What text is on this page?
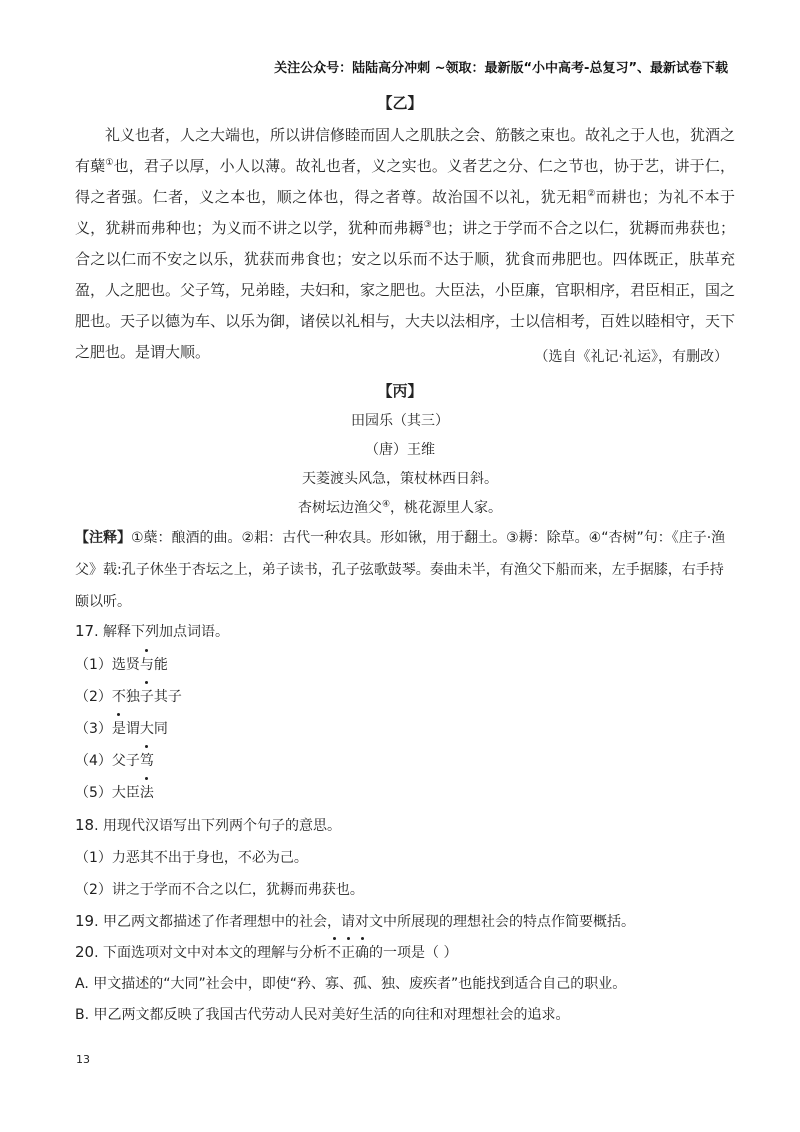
关注公众号：陆陆高分冲刺 ~领取：最新版“小中高考-总复习”、最新试卷下载
【乙】

礼义也者，人之大端也，所以讲信修睦而固人之肌肤之会、筋骸之束也。故礼之于人也，犹酒之有蘖①也，君子以厚，小人以薄。故礼也者，义之实也。义者艺之分、仁之节也，协于艺，讲于仁，得之者强。仁者，义之本也，顺之体也，得之者尊。故治国不以礼，犹无耜②而耕也；为礼不本于义，犹耕而弗种也；为义而不讲之以学，犹种而弗耨③也；讲之于学而不合之以仁，犹耨而弗获也；合之以仁而不安之以乐，犹获而弗食也；安之以乐而不达于顺，犹食而弗肥也。四体既正，肤革充盈，人之肥也。父子笃，兄弟睦，夫妇和，家之肥也。大臣法，小臣廉，官职相序，君臣相正，国之肥也。天子以德为车、以乐为御，诸侯以礼相与，大夫以法相序，士以信相考，百姓以睦相守，天下之肥也。是谓大顺。	（选自《礼记·礼运》，有删改）
【丙】
田园乐（其三）
（唐）王维
天菱渡头风急，策杖林西日斜。
杏树坛边渔父④，桃花源里人家。

【注释】①蘖：酿酒的曲。②耜：古代一种农具。形如锹，用于翻土。③耨：除草。④“杏树”句：《庄子·渔父》载:孔子休坐于杏坛之上，弟子读书，孔子弦歌鼓琴。奏曲未半，有渔父下船而来，左手据膝，右手持颐以听。

17. 解释下列加点词语。
（1）选贤与能
（2）不独子其子
（3）是谓大同
（4）父子笃
（5）大臣法
18. 用现代汉语写出下列两个句子的意思。
（1）力恶其不出于身也，不必为己。
（2）讲之于学而不合之以仁，犹耨而弗获也。
19. 甲乙两文都描述了作者理想中的社会，请对文中所展现的理想社会的特点作简要概括。
20. 下面选项对文中对本文的理解与分析不正确的一项是（ ）
A. 甲文描述的“大同”社会中，即使“矜、寡、孤、独、废疾者”也能找到适合自己的职业。
B. 甲乙两文都反映了我国古代劳动人民对美好生活的向往和对理想社会的追求。
13
